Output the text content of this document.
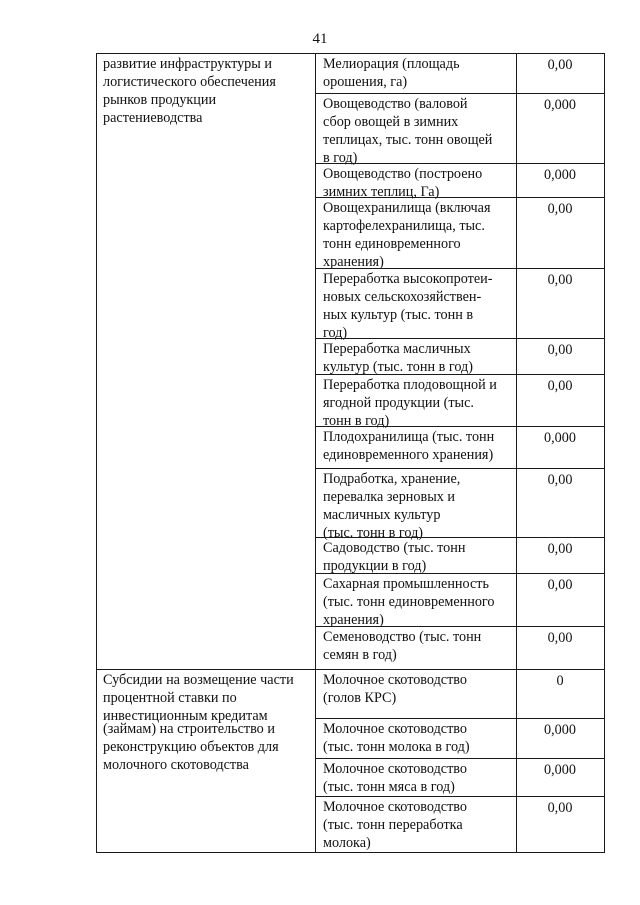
41
развитие инфраструктуры и
логистического обеспечения
рынков продукции
растениеводства
Мелиорация (площадь
орошения, га)
0,00
Овощеводство (валовой
сбор овощей в зимних
теплицах, тыс. тонн овощей
в год)
0,000
Овощеводство (построено
зимних теплиц, Га)
0,000
Овощехранилища (включая
картофелехранилища, тыс.
тонн единовременного
хранения)
0,00
Переработка высокопротеи-
новых сельскохозяйствен-
ных культур (тыс. тонн в
год)
0,00
Переработка масличных
культур (тыс. тонн в год)
0,00
Переработка плодовощной и
ягодной продукции (тыс.
тонн в год)
0,00
Плодохранилища (тыс. тонн
единовременного хранения)
0,000
Подработка, хранение,
перевалка зерновых и
масличных культур
(тыс. тонн в год)
0,00
Садоводство (тыс. тонн
продукции в год)
0,00
Сахарная промышленность
(тыс. тонн единовременного
хранения)
0,00
Семеноводство (тыс. тонн
семян в год)
0,00
Субсидии на возмещение части
процентной ставки по
инвестиционным кредитам
Молочное скотоводство
(голов КРС)
0
(займам) на строительство и
реконструкцию объектов для
молочного скотоводства
Молочное скотоводство
(тыс. тонн молока в год)
0,000
Молочное скотоводство
(тыс. тонн мяса в год)
0,000
Молочное скотоводство
(тыс. тонн переработка
молока)
0,00
